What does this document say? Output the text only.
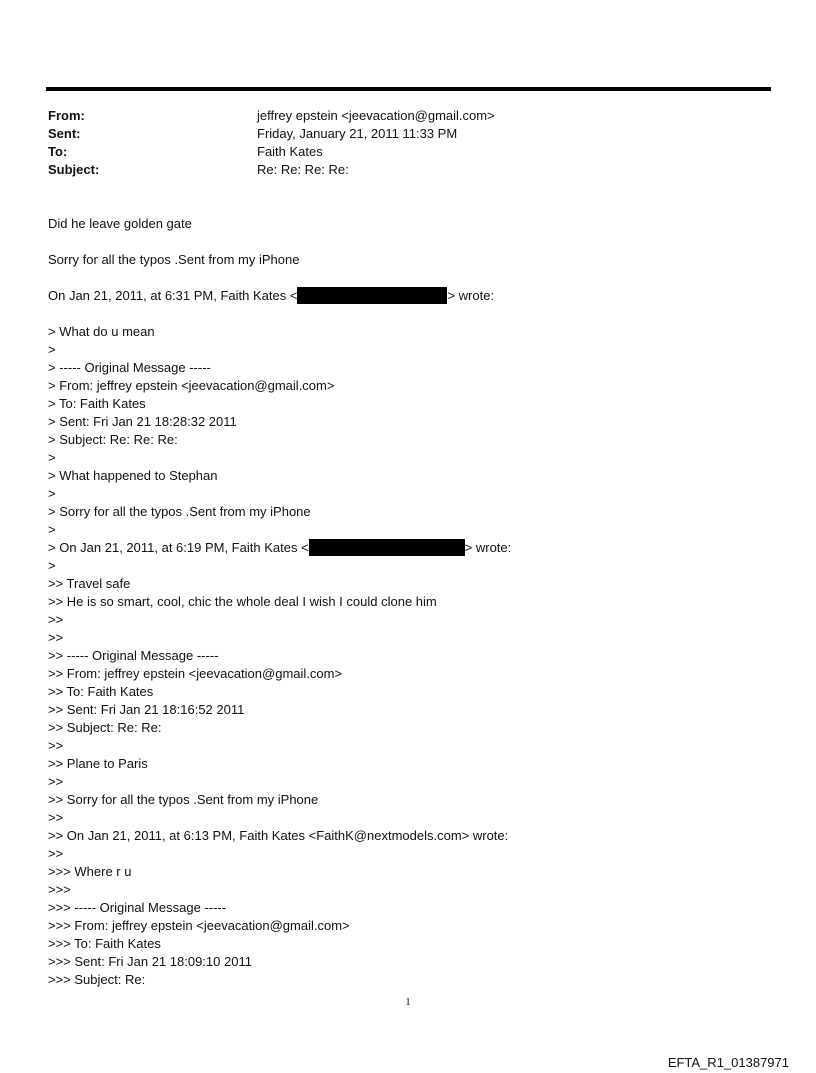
From:	jeffrey epstein <jeevacation@gmail.com>
Sent:	Friday, January 21, 2011 11:33 PM
To:	Faith Kates
Subject:	Re: Re: Re: Re:
Did he leave golden gate
Sorry for all the typos .Sent from my iPhone
On Jan 21, 2011, at 6:31 PM, Faith Kates <	> wrote:
> What do u mean
>
> ----- Original Message -----
> From: jeffrey epstein <jeevacation@gmail.com>
> To: Faith Kates
> Sent: Fri Jan 21 18:28:32 2011
> Subject: Re: Re: Re:
>
> What happened to Stephan
>
> Sorry for all the typos .Sent from my iPhone
>
> On Jan 21, 2011, at 6:19 PM, Faith Kates <	> wrote:
>
>> Travel safe
>> He is so smart, cool, chic the whole deal I wish I could clone him
>>
>>
>> ----- Original Message -----
>> From: jeffrey epstein <jeevacation@gmail.com>
>> To: Faith Kates
>> Sent: Fri Jan 21 18:16:52 2011
>> Subject: Re: Re:
>>
>> Plane to Paris
>>
>> Sorry for all the typos .Sent from my iPhone
>>
>> On Jan 21, 2011, at 6:13 PM, Faith Kates <FaithK@nextmodels.com> wrote:
>>
>>> Where r u
>>>
>>> ----- Original Message -----
>>> From: jeffrey epstein <jeevacation@gmail.com>
>>> To: Faith Kates
>>> Sent: Fri Jan 21 18:09:10 2011
>>> Subject: Re:
1
EFTA_R1_01387971
